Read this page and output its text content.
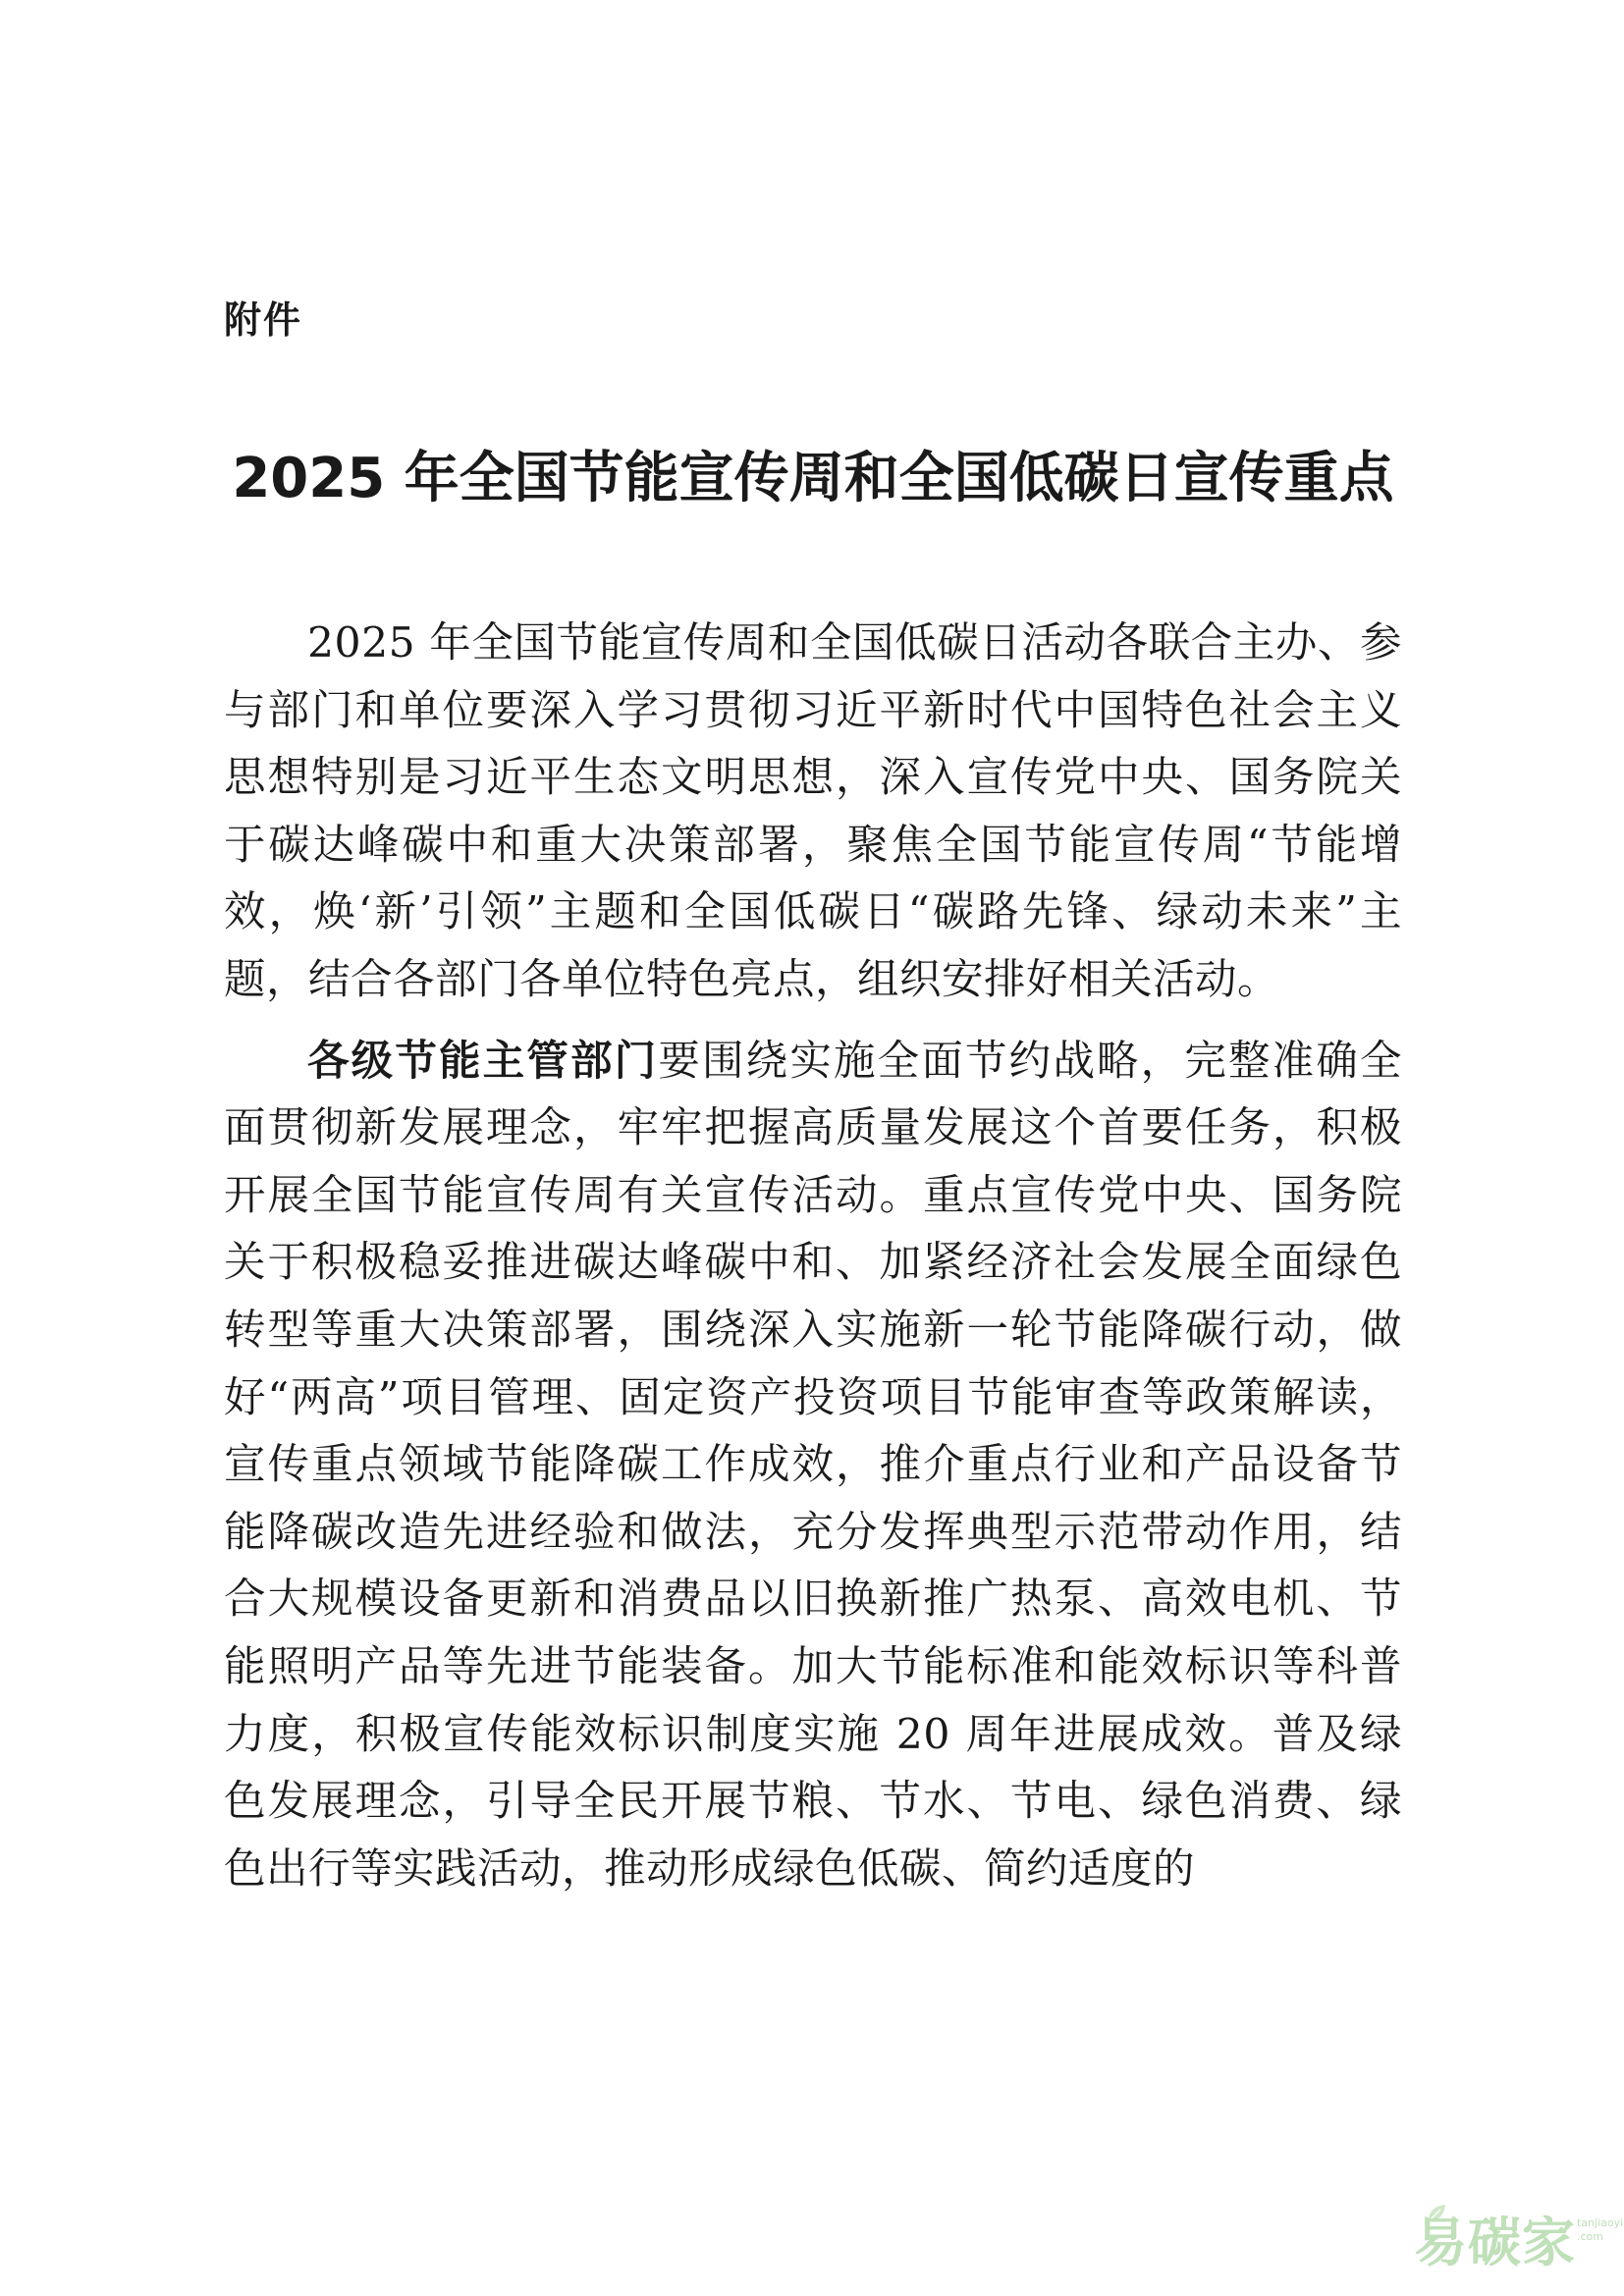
附件
2025 年全国节能宣传周和全国低碳日宣传重点

2025 年全国节能宣传周和全国低碳日活动各联合主办、参与部门和单位要深入学习贯彻习近平新时代中国特色社会主义思想特别是习近平生态文明思想，深入宣传党中央、国务院关于碳达峰碳中和重大决策部署，聚焦全国节能宣传周“节能增效，焕‘新’引领”主题和全国低碳日“碳路先锋、绿动未来”主题，结合各部门各单位特色亮点，组织安排好相关活动。

各级节能主管部门要围绕实施全面节约战略，完整准确全面贯彻新发展理念，牢牢把握高质量发展这个首要任务，积极开展全国节能宣传周有关宣传活动。重点宣传党中央、国务院关于积极稳妥推进碳达峰碳中和、加紧经济社会发展全面绿色转型等重大决策部署，围绕深入实施新一轮节能降碳行动，做好“两高”项目管理、固定资产投资项目节能审查等政策解读，宣传重点领域节能降碳工作成效，推介重点行业和产品设备节能降碳改造先进经验和做法，充分发挥典型示范带动作用，结合大规模设备更新和消费品以旧换新推广热泵、高效电机、节能照明产品等先进节能装备。加大节能标准和能效标识等科普力度，积极宣传能效标识制度实施 20 周年进展成效。普及绿色发展理念，引导全民开展节粮、节水、节电、绿色消费、绿色出行等实践活动，推动形成绿色低碳、简约适度的

易碳家 tanjiaoyi
.com
